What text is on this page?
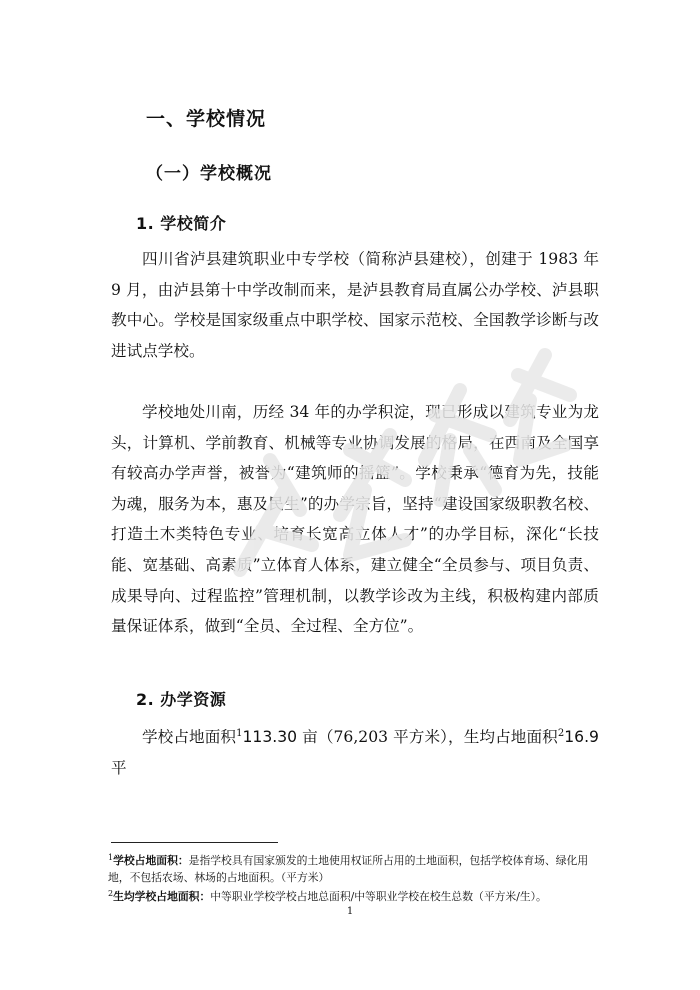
一、学校情况
（一）学校概况
1. 学校简介

四川省泸县建筑职业中专学校（简称泸县建校），创建于 1983 年 9 月，由泸县第十中学改制而来，是泸县教育局直属公办学校、泸县职教中心。学校是国家级重点中职学校、国家示范校、全国教学诊断与改进试点学校。

学校地处川南，历经 34 年的办学积淀，现已形成以建筑专业为龙头，计算机、学前教育、机械等专业协调发展的格局，在西南及全国享有较高办学声誉，被誉为“建筑师的摇篮”。学校秉承“德育为先，技能为魂，服务为本，惠及民生”的办学宗旨，坚持“建设国家级职教名校、打造土木类特色专业、培育长宽高立体人才”的办学目标，深化“长技能、宽基础、高素质”立体育人体系，建立健全“全员参与、项目负责、成果导向、过程监控”管理机制，以教学诊改为主线，积极构建内部质量保证体系，做到“全员、全过程、全方位”。

2. 办学资源

学校占地面积$^1$113.30 亩（76,203 平方米），生均占地面积$^2$16.9 平

$^1$学校占地面积：是指学校具有国家颁发的土地使用权证所占用的土地面积，包括学校体育场、绿化用地，不包括农场、林场的占地面积。（平方米）

$^2$生均学校占地面积：中等职业学校学校占地总面积/中等职业学校在校生总数（平方米/生）。

1
